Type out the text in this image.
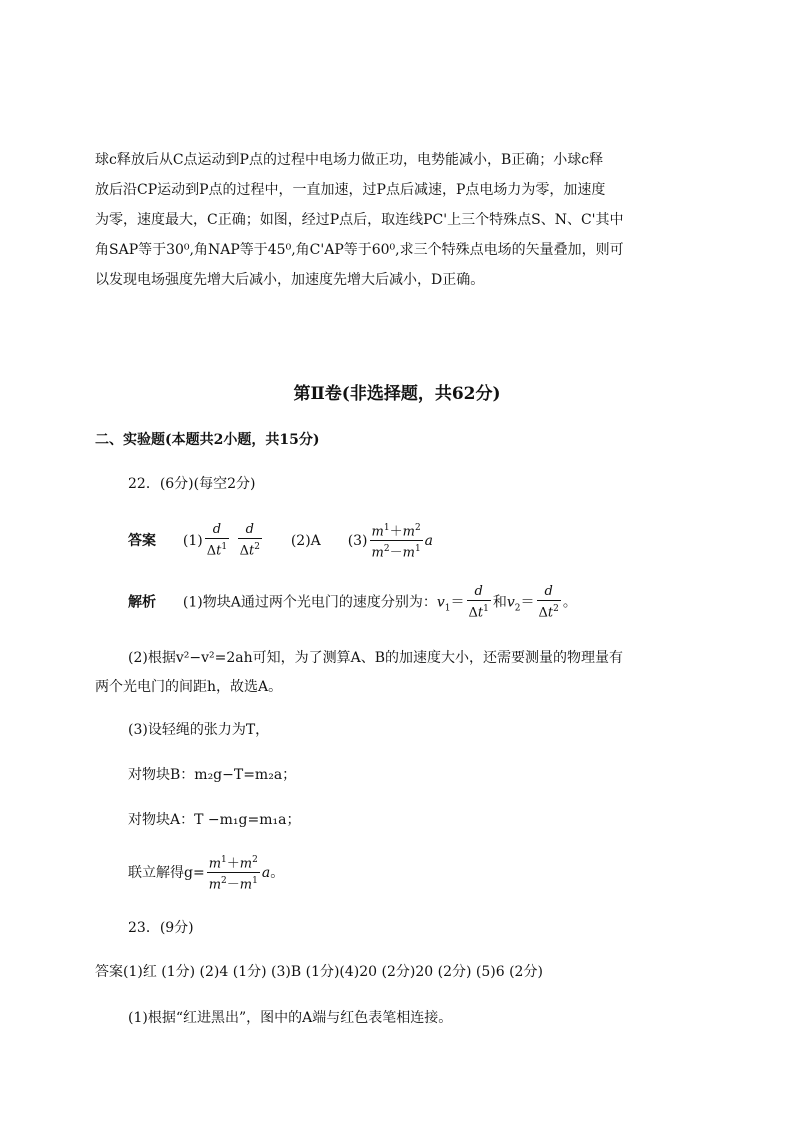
球c释放后从C点运动到P点的过程中电场力做正功，电势能减小，B正确；小球c释
放后沿CP运动到P点的过程中，一直加速，过P点后减速，P点电场力为零，加速度
为零，速度最大，C正确；如图，经过P点后，取连线PC'上三个特殊点S、N、C'其中
角SAP等于30⁰,角NAP等于45⁰,角C'AP等于60⁰,求三个特殊点电场的矢量叠加，则可
以发现电场强度先增大后减小，加速度先增大后减小，D正确。
第Ⅱ卷(非选择题，共62分)
二、实验题(本题共2小题，共15分)
22．(6分)(每空2分)
答案 $(1) \frac{d}{\Delta t^1}$
$\frac{d}{\Delta t^2} (2)A$ $(3) \frac{m^1+m^2}{m^2-m^1}$ a
解析 (1)物块A通过两个光电门的速度分别为：$v_1= \frac{d}{\Delta t^1}$ 和$v_2= \frac{d}{\Delta t^2}$ 。
(2)根据v²−v²=2ah可知，为了测算A、B的加速度大小，还需要测量的物理量有
两个光电门的间距h，故选A。
(3)设轻绳的张力为T，
对物块B：m₂g−T=m₂a；
对物块A：T −m₁g=m₁a；
联立解得$g= \frac{m^1+m^2}{m^2-m^1}$ a。
23．(9分)
答案(1)红 (1分) (2)4 (1分) (3)B (1分)(4)20 (2分)20 (2分) (5)6 (2分)
(1)根据“红进黑出”，图中的A端与红色表笔相连接。
